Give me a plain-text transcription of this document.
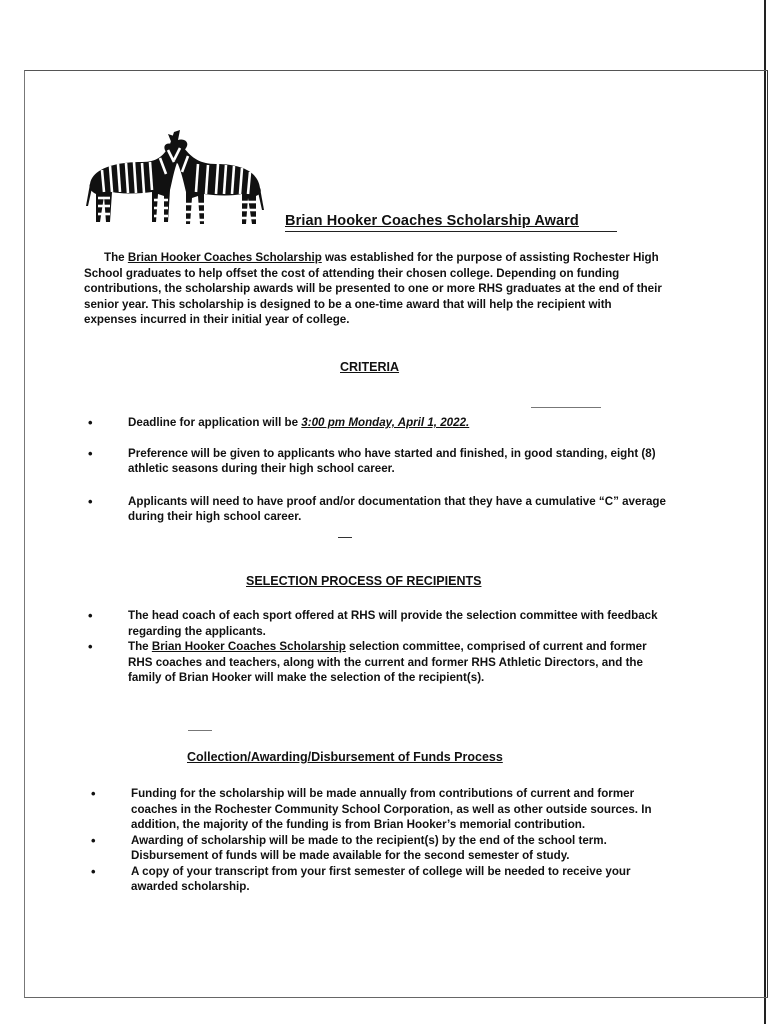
Brian Hooker Coaches Scholarship Award
The Brian Hooker Coaches Scholarship was established for the purpose of assisting Rochester High School graduates to help offset the cost of attending their chosen college. Depending on funding contributions, the scholarship awards will be presented to one or more RHS graduates at the end of their senior year. This scholarship is designed to be a one-time award that will help the recipient with expenses incurred in their initial year of college.
CRITERIA
•	Deadline for application will be 3:00 pm Monday, April 1, 2022.
•	Preference will be given to applicants who have started and finished, in good standing, eight (8) athletic seasons during their high school career.
•	Applicants will need to have proof and/or documentation that they have a cumulative “C” average during their high school career.
SELECTION PROCESS OF RECIPIENTS
•	The head coach of each sport offered at RHS will provide the selection committee with feedback regarding the applicants.
•	The Brian Hooker Coaches Scholarship selection committee, comprised of current and former RHS coaches and teachers, along with the current and former RHS Athletic Directors, and the family of Brian Hooker will make the selection of the recipient(s).
Collection/Awarding/Disbursement of Funds Process
•	Funding for the scholarship will be made annually from contributions of current and former coaches in the Rochester Community School Corporation, as well as other outside sources. In addition, the majority of the funding is from Brian Hooker’s memorial contribution.
•	Awarding of scholarship will be made to the recipient(s) by the end of the school term. Disbursement of funds will be made available for the second semester of study.
•	A copy of your transcript from your first semester of college will be needed to receive your awarded scholarship.
